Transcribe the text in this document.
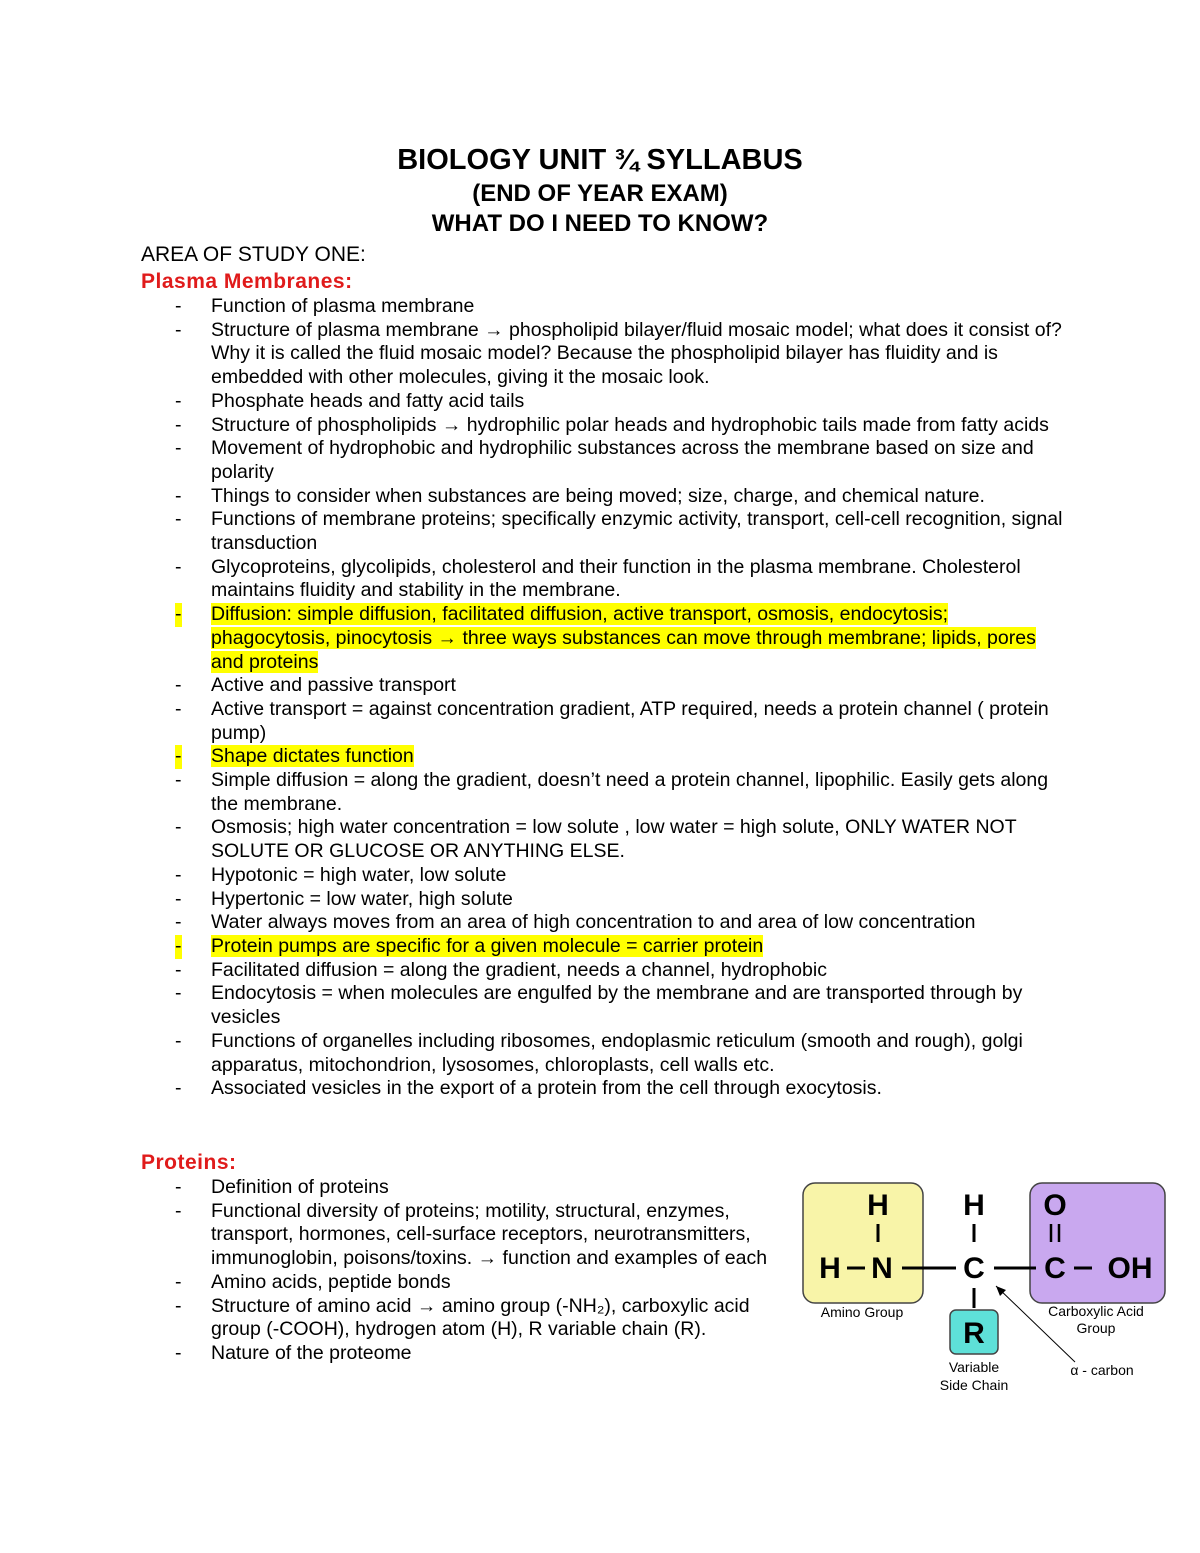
BIOLOGY UNIT ¾ SYLLABUS
(END OF YEAR EXAM)
WHAT DO I NEED TO KNOW?
AREA OF STUDY ONE:
Plasma Membranes:
- Function of plasma membrane
- Structure of plasma membrane → phospholipid bilayer/fluid mosaic model; what does it consist of? Why it is called the fluid mosaic model? Because the phospholipid bilayer has fluidity and is embedded with other molecules, giving it the mosaic look.
- Phosphate heads and fatty acid tails
- Structure of phospholipids → hydrophilic polar heads and hydrophobic tails made from fatty acids
- Movement of hydrophobic and hydrophilic substances across the membrane based on size and polarity
- Things to consider when substances are being moved; size, charge, and chemical nature.
- Functions of membrane proteins; specifically enzymic activity, transport, cell-cell recognition, signal transduction
- Glycoproteins, glycolipids, cholesterol and their function in the plasma membrane. Cholesterol maintains fluidity and stability in the membrane.
- Diffusion: simple diffusion, facilitated diffusion, active transport, osmosis, endocytosis; phagocytosis, pinocytosis → three ways substances can move through membrane; lipids, pores and proteins
- Active and passive transport
- Active transport = against concentration gradient, ATP required, needs a protein channel ( protein pump)
- Shape dictates function
- Simple diffusion = along the gradient, doesn’t need a protein channel, lipophilic. Easily gets along the membrane.
- Osmosis; high water concentration = low solute , low water = high solute, ONLY WATER NOT SOLUTE OR GLUCOSE OR ANYTHING ELSE.
- Hypotonic = high water, low solute
- Hypertonic = low water, high solute
- Water always moves from an area of high concentration to and area of low concentration
- Protein pumps are specific for a given molecule = carrier protein
- Facilitated diffusion = along the gradient, needs a channel, hydrophobic
- Endocytosis = when molecules are engulfed by the membrane and are transported through by vesicles
- Functions of organelles including ribosomes, endoplasmic reticulum (smooth and rough), golgi apparatus, mitochondrion, lysosomes, chloroplasts, cell walls etc.
- Associated vesicles in the export of a protein from the cell through exocytosis.
Proteins:
- Definition of proteins
- Functional diversity of proteins; motility, structural, enzymes, transport, hormones, cell-surface receptors, neurotransmitters, immunoglobin, poisons/toxins. → function and examples of each
- Amino acids, peptide bonds
- Structure of amino acid → amino group (-NH₂), carboxylic acid group (-COOH), hydrogen atom (H), R variable chain (R).
- Nature of the proteome
H
H N
H
C
O
C OH
R
Amino Group	Carboxylic Acid
Group
Variable
Side Chain
α - carbon
